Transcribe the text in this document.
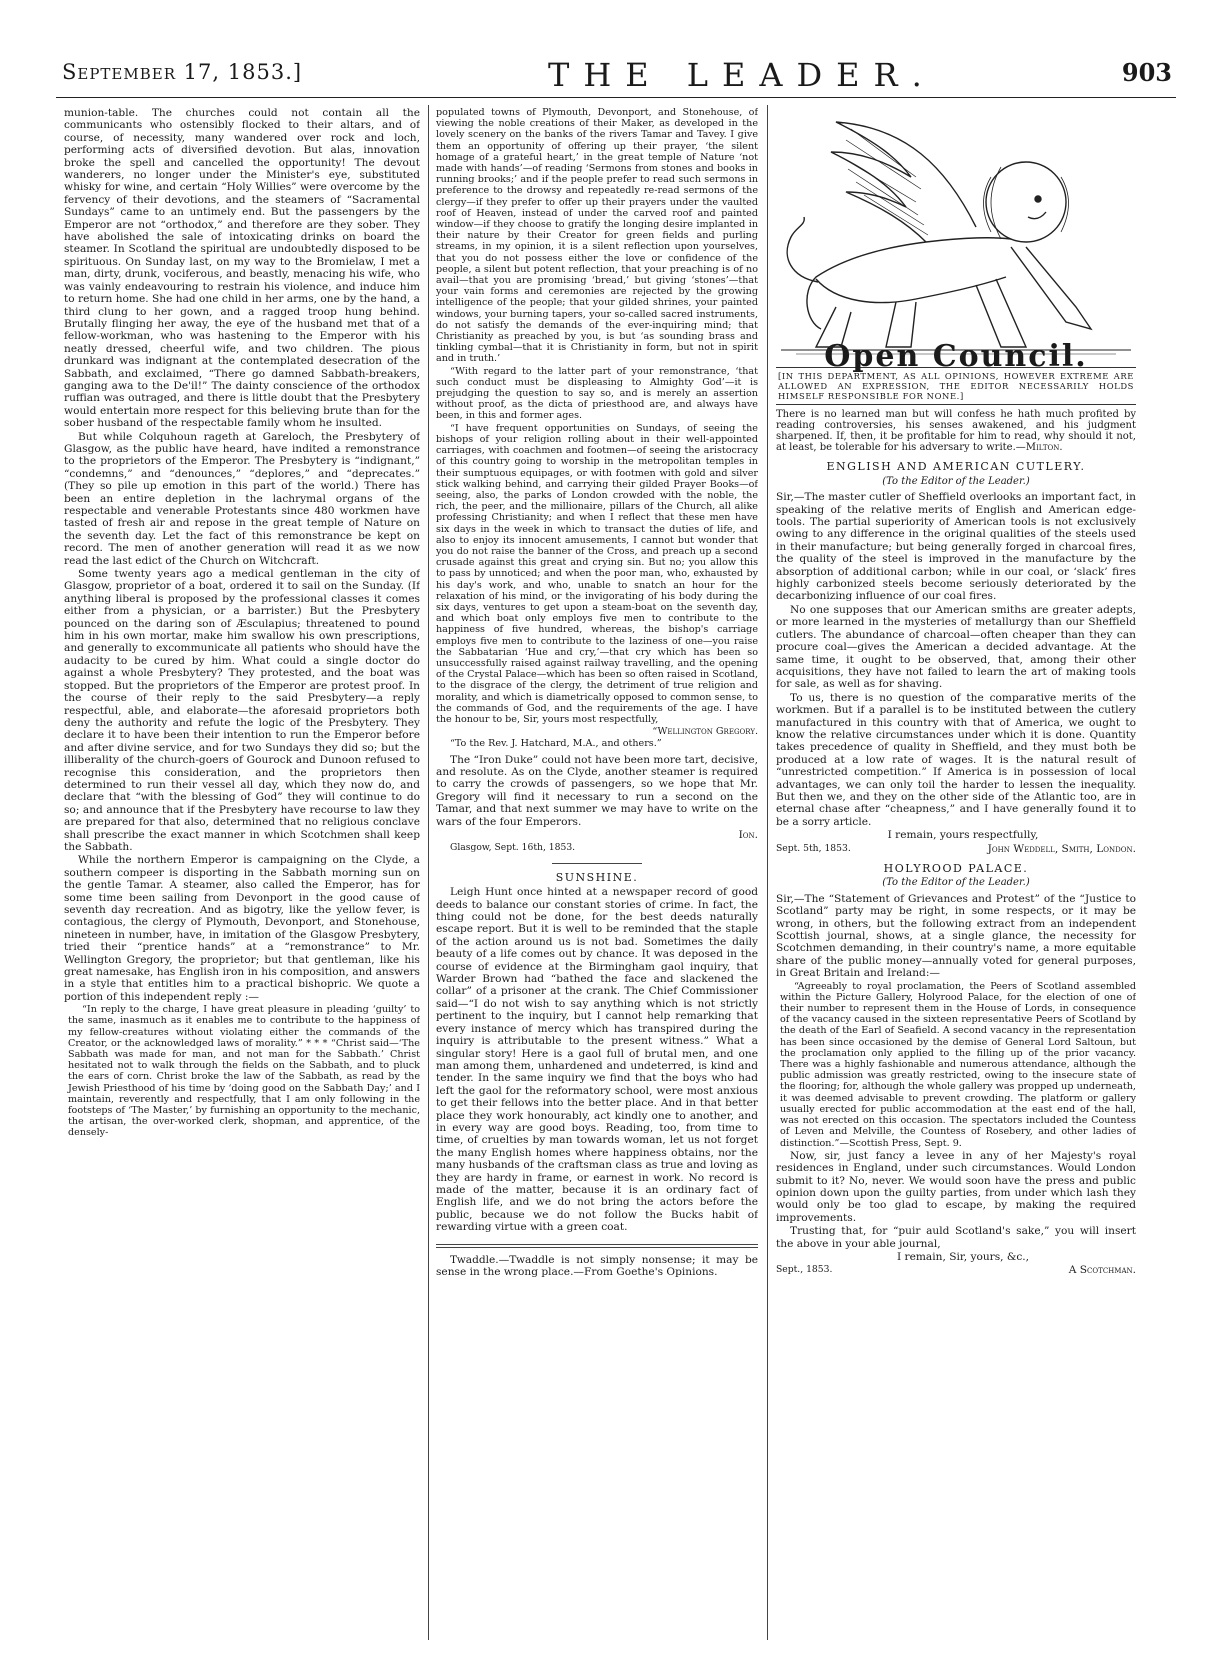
September 17, 1853.]	THE LEADER.	903

munion-table. The churches could not contain all the communicants who ostensibly flocked to their altars, and of course, of necessity, many wandered over rock and loch, performing acts of diversified devotion. But alas, innovation broke the spell and cancelled the opportunity! The devout wanderers, no longer under the Minister's eye, substituted whisky for wine, and certain “Holy Willies” were overcome by the fervency of their devotions, and the steamers of “Sacramental Sundays” came to an untimely end. But the passengers by the Emperor are not “orthodox,” and therefore are they sober. They have abolished the sale of intoxicating drinks on board the steamer. In Scotland the spiritual are undoubtedly disposed to be spirituous. On Sunday last, on my way to the Bromielaw, I met a man, dirty, drunk, vociferous, and beastly, menacing his wife, who was vainly endeavouring to restrain his violence, and induce him to return home. She had one child in her arms, one by the hand, a third clung to her gown, and a ragged troop hung behind. Brutally flinging her away, the eye of the husband met that of a fellow-workman, who was hastening to the Emperor with his neatly dressed, cheerful wife, and two children. The pious drunkard was indignant at the contemplated desecration of the Sabbath, and exclaimed, “There go damned Sabbath-breakers, ganging awa to the De'il!” The dainty conscience of the orthodox ruffian was outraged, and there is little doubt that the Presbytery would entertain more respect for this believing brute than for the sober husband of the respectable family whom he insulted.

But while Colquhoun rageth at Gareloch, the Presbytery of Glasgow, as the public have heard, have indited a remonstrance to the proprietors of the Emperor. The Presbytery is “indignant,” “condemns,” and “denounces,” “deplores,” and “deprecates.” (They so pile up emotion in this part of the world.) There has been an entire depletion in the lachrymal organs of the respectable and venerable Protestants since 480 workmen have tasted of fresh air and repose in the great temple of Nature on the seventh day. Let the fact of this remonstrance be kept on record. The men of another generation will read it as we now read the last edict of the Church on Witchcraft.

Some twenty years ago a medical gentleman in the city of Glasgow, proprietor of a boat, ordered it to sail on the Sunday. (If anything liberal is proposed by the professional classes it comes either from a physician, or a barrister.) But the Presbytery pounced on the daring son of Æsculapius; threatened to pound him in his own mortar, make him swallow his own prescriptions, and generally to excommunicate all patients who should have the audacity to be cured by him. What could a single doctor do against a whole Presbytery? They protested, and the boat was stopped. But the proprietors of the Emperor are protest proof. In the course of their reply to the said Presbytery—a reply respectful, able, and elaborate—the aforesaid proprietors both deny the authority and refute the logic of the Presbytery. They declare it to have been their intention to run the Emperor before and after divine service, and for two Sundays they did so; but the illiberality of the church-goers of Gourock and Dunoon refused to recognise this consideration, and the proprietors then determined to run their vessel all day, which they now do, and declare that “with the blessing of God” they will continue to do so; and announce that if the Presbytery have recourse to law they are prepared for that also, determined that no religious conclave shall prescribe the exact manner in which Scotchmen shall keep the Sabbath.

While the northern Emperor is campaigning on the Clyde, a southern compeer is disporting in the Sabbath morning sun on the gentle Tamar. A steamer, also called the Emperor, has for some time been sailing from Devonport in the good cause of seventh day recreation. And as bigotry, like the yellow fever, is contagious, the clergy of Plymouth, Devonport, and Stonehouse, nineteen in number, have, in imitation of the Glasgow Presbytery, tried their “prentice hands” at a “remonstrance” to Mr. Wellington Gregory, the proprietor; but that gentleman, like his great namesake, has English iron in his composition, and answers in a style that entitles him to a practical bishopric. We quote a portion of this independent reply :—

“In reply to the charge, I have great pleasure in pleading ‘guilty’ to the same, inasmuch as it enables me to contribute to the happiness of my fellow-creatures without violating either the commands of the Creator, or the acknowledged laws of morality.” * * * “Christ said—‘The Sabbath was made for man, and not man for the Sabbath.’ Christ hesitated not to walk through the fields on the Sabbath, and to pluck the ears of corn. Christ broke the law of the Sabbath, as read by the Jewish Priesthood of his time by ‘doing good on the Sabbath Day;’ and I maintain, reverently and respectfully, that I am only following in the footsteps of ‘The Master,’ by furnishing an opportunity to the mechanic, the artisan, the over-worked clerk, shopman, and apprentice, of the densely-

populated towns of Plymouth, Devonport, and Stonehouse, of viewing the noble creations of their Maker, as developed in the lovely scenery on the banks of the rivers Tamar and Tavey. I give them an opportunity of offering up their prayer, ‘the silent homage of a grateful heart,’ in the great temple of Nature ‘not made with hands’—of reading ‘Sermons from stones and books in running brooks;’ and if the people prefer to read such sermons in preference to the drowsy and repeatedly re-read sermons of the clergy—if they prefer to offer up their prayers under the vaulted roof of Heaven, instead of under the carved roof and painted window—if they choose to gratify the longing desire implanted in their nature by their Creator for green fields and purling streams, in my opinion, it is a silent reflection upon yourselves, that you do not possess either the love or confidence of the people, a silent but potent reflection, that your preaching is of no avail—that you are promising ‘bread,’ but giving ‘stones’—that your vain forms and ceremonies are rejected by the growing intelligence of the people; that your gilded shrines, your painted windows, your burning tapers, your so-called sacred instruments, do not satisfy the demands of the ever-inquiring mind; that Christianity as preached by you, is but ‘as sounding brass and tinkling cymbal—that it is Christianity in form, but not in spirit and in truth.’

“With regard to the latter part of your remonstrance, ‘that such conduct must be displeasing to Almighty God’—it is prejudging the question to say so, and is merely an assertion without proof, as the dicta of priesthood are, and always have been, in this and former ages.

“I have frequent opportunities on Sundays, of seeing the bishops of your religion rolling about in their well-appointed carriages, with coachmen and footmen—of seeing the aristocracy of this country going to worship in the metropolitan temples in their sumptuous equipages, or with footmen with gold and silver stick walking behind, and carrying their gilded Prayer Books—of seeing, also, the parks of London crowded with the noble, the rich, the peer, and the millionaire, pillars of the Church, all alike professing Christianity; and when I reflect that these men have six days in the week in which to transact the duties of life, and also to enjoy its innocent amusements, I cannot but wonder that you do not raise the banner of the Cross, and preach up a second crusade against this great and crying sin. But no; you allow this to pass by unnoticed; and when the poor man, who, exhausted by his day's work, and who, unable to snatch an hour for the relaxation of his mind, or the invigorating of his body during the six days, ventures to get upon a steam-boat on the seventh day, and which boat only employs five men to contribute to the happiness of five hundred, whereas, the bishop's carriage employs five men to contribute to the laziness of one—you raise the Sabbatarian ‘Hue and cry,’—that cry which has been so unsuccessfully raised against railway travelling, and the opening of the Crystal Palace—which has been so often raised in Scotland, to the disgrace of the clergy, the detriment of true religion and morality, and which is diametrically opposed to common sense, to the commands of God, and the requirements of the age. I have the honour to be, Sir, yours most respectfully,

“Wellington Gregory.

“To the Rev. J. Hatchard, M.A., and others.”

The “Iron Duke” could not have been more tart, decisive, and resolute. As on the Clyde, another steamer is required to carry the crowds of passengers, so we hope that Mr. Gregory will find it necessary to run a second on the Tamar, and that next summer we may have to write on the wars of the four Emperors.

Ion.

Glasgow, Sept. 16th, 1853.

SUNSHINE.

Leigh Hunt once hinted at a newspaper record of good deeds to balance our constant stories of crime. In fact, the thing could not be done, for the best deeds naturally escape report. But it is well to be reminded that the staple of the action around us is not bad. Sometimes the daily beauty of a life comes out by chance. It was deposed in the course of evidence at the Birmingham gaol inquiry, that Warder Brown had “bathed the face and slackened the collar” of a prisoner at the crank. The Chief Commissioner said—“I do not wish to say anything which is not strictly pertinent to the inquiry, but I cannot help remarking that every instance of mercy which has transpired during the inquiry is attributable to the present witness.” What a singular story! Here is a gaol full of brutal men, and one man among them, unhardened and undeterred, is kind and tender. In the same inquiry we find that the boys who had left the gaol for the reformatory school, were most anxious to get their fellows into the better place. And in that better place they work honourably, act kindly one to another, and in every way are good boys. Reading, too, from time to time, of cruelties by man towards woman, let us not forget the many English homes where happiness obtains, nor the many husbands of the craftsman class as true and loving as they are hardy in frame, or earnest in work. No record is made of the matter, because it is an ordinary fact of English life, and we do not bring the actors before the public, because we do not follow the Bucks habit of rewarding virtue with a green coat.

Twaddle.—Twaddle is not simply nonsense; it may be sense in the wrong place.—From Goethe's Opinions.

Open Council.
[IN THIS DEPARTMENT, AS ALL OPINIONS, HOWEVER EXTREME ARE ALLOWED AN EXPRESSION, THE EDITOR NECESSARILY HOLDS HIMSELF RESPONSIBLE FOR NONE.]
There is no learned man but will confess he hath much profited by reading controversies, his senses awakened, and his judgment sharpened. If, then, it be profitable for him to read, why should it not, at least, be tolerable for his adversary to write.—Milton.
ENGLISH AND AMERICAN CUTLERY.
(To the Editor of the Leader.)

Sir,—The master cutler of Sheffield overlooks an important fact, in speaking of the relative merits of English and American edge-tools. The partial superiority of American tools is not exclusively owing to any difference in the original qualities of the steels used in their manufacture; but being generally forged in charcoal fires, the quality of the steel is improved in the manufacture by the absorption of additional carbon; while in our coal, or ‘slack’ fires highly carbonized steels become seriously deteriorated by the decarbonizing influence of our coal fires.

No one supposes that our American smiths are greater adepts, or more learned in the mysteries of metallurgy than our Sheffield cutlers. The abundance of charcoal—often cheaper than they can procure coal—gives the American a decided advantage. At the same time, it ought to be observed, that, among their other acquisitions, they have not failed to learn the art of making tools for sale, as well as for shaving.

To us, there is no question of the comparative merits of the workmen. But if a parallel is to be instituted between the cutlery manufactured in this country with that of America, we ought to know the relative circumstances under which it is done. Quantity takes precedence of quality in Sheffield, and they must both be produced at a low rate of wages. It is the natural result of “unrestricted competition.” If America is in possession of local advantages, we can only toil the harder to lessen the inequality. But then we, and they on the other side of the Atlantic too, are in eternal chase after “cheapness,” and I have generally found it to be a sorry article.

I remain, yours respectfully,

Sept. 5th, 1853.	John Weddell, Smith, London.

HOLYROOD PALACE.
(To the Editor of the Leader.)

Sir,—The “Statement of Grievances and Protest” of the “Justice to Scotland” party may be right, in some respects, or it may be wrong, in others, but the following extract from an independent Scottish journal, shows, at a single glance, the necessity for Scotchmen demanding, in their country's name, a more equitable share of the public money—annually voted for general purposes, in Great Britain and Ireland:—

“Agreeably to royal proclamation, the Peers of Scotland assembled within the Picture Gallery, Holyrood Palace, for the election of one of their number to represent them in the House of Lords, in consequence of the vacancy caused in the sixteen representative Peers of Scotland by the death of the Earl of Seafield. A second vacancy in the representation has been since occasioned by the demise of General Lord Saltoun, but the proclamation only applied to the filling up of the prior vacancy. There was a highly fashionable and numerous attendance, although the public admission was greatly restricted, owing to the insecure state of the flooring; for, although the whole gallery was propped up underneath, it was deemed advisable to prevent crowding. The platform or gallery usually erected for public accommodation at the east end of the hall, was not erected on this occasion. The spectators included the Countess of Leven and Melville, the Countess of Rosebery, and other ladies of distinction.”—Scottish Press, Sept. 9.

Now, sir, just fancy a levee in any of her Majesty's royal residences in England, under such circumstances. Would London submit to it? No, never. We would soon have the press and public opinion down upon the guilty parties, from under which lash they would only be too glad to escape, by making the required improvements.

Trusting that, for “puir auld Scotland's sake,” you will insert the above in your able journal,

I remain, Sir, yours, &c.,

Sept., 1853.	A Scotchman.
